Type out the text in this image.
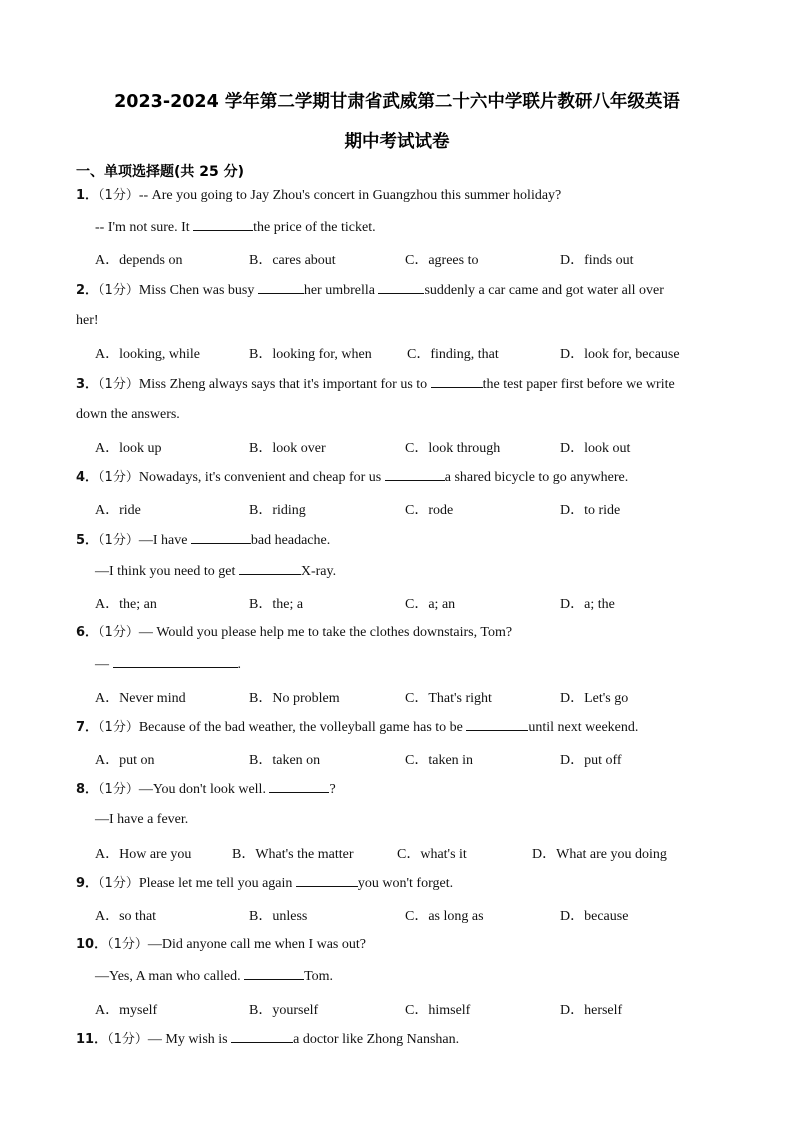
2023-2024 学年第二学期甘肃省武威第二十六中学联片教研八年级英语
期中考试试卷
一、单项选择题(共 25 分)
1．（1分）-- Are you going to Jay Zhou's concert in Guangzhou this summer holiday?
-- I'm not sure. It	the price of the ticket.
A．depends on	B．cares about	C．agrees to	D．finds out
2．（1分）Miss Chen was busy	her umbrella	suddenly a car came and got water all over
her!
A．looking, while	B．looking for, when	C．finding, that	D．look for, because
3．（1分）Miss Zheng always says that it's important for us to	the test paper first before we write
down the answers.
A．look up	B．look over	C．look through	D．look out
4．（1分）Nowadays, it's convenient and cheap for us	a shared bicycle to go anywhere.
A．ride	B．riding	C．rode	D．to ride
5．（1分）—I have	bad headache.
—I think you need to get	X-ray.
A．the; an	B．the; a	C．a; an	D．a; the
6．（1分）— Would you please help me to take the clothes downstairs, Tom?
—	.
A．Never mind	B．No problem	C．That's right	D．Let's go
7．（1分）Because of the bad weather, the volleyball game has to be	until next weekend.
A．put on	B．taken on	C．taken in	D．put off
8．（1分）—You don't look well.	?
—I have a fever.
A．How are you	B．What's the matter	C．what's it	D．What are you doing
9．（1分）Please let me tell you again	you won't forget.
A．so that	B．unless	C．as long as	D．because
10．（1分）—Did anyone call me when I was out?
—Yes, A man who called.	Tom.
A．myself	B．yourself	C．himself	D．herself
11．（1分）— My wish is	a doctor like Zhong Nanshan.
